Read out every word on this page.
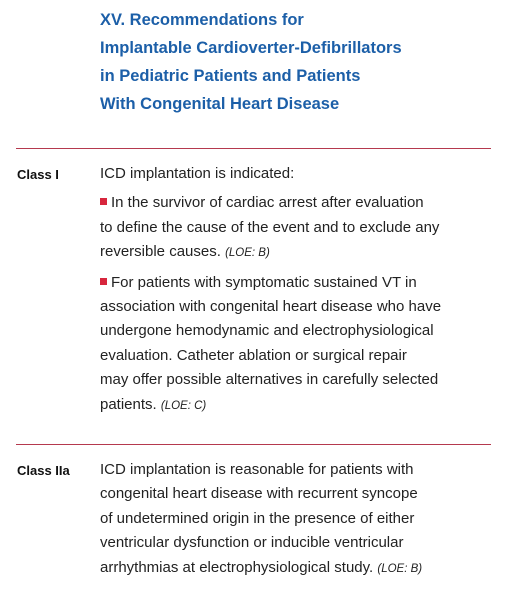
XV. Recommendations for
Implantable Cardioverter-Defibrillators
in Pediatric Patients and Patients
With Congenital Heart Disease
Class I	ICD implantation is indicated:
In the survivor of cardiac arrest after evaluation
to define the cause of the event and to exclude any
reversible causes. (LOE: B)
For patients with symptomatic sustained VT in
association with congenital heart disease who have
undergone hemodynamic and electrophysiological
evaluation. Catheter ablation or surgical repair
may offer possible alternatives in carefully selected
patients. (LOE: C)
Class IIa ICD implantation is reasonable for patients with
congenital heart disease with recurrent syncope
of undetermined origin in the presence of either
ventricular dysfunction or inducible ventricular
arrhythmias at electrophysiological study. (LOE: B)
